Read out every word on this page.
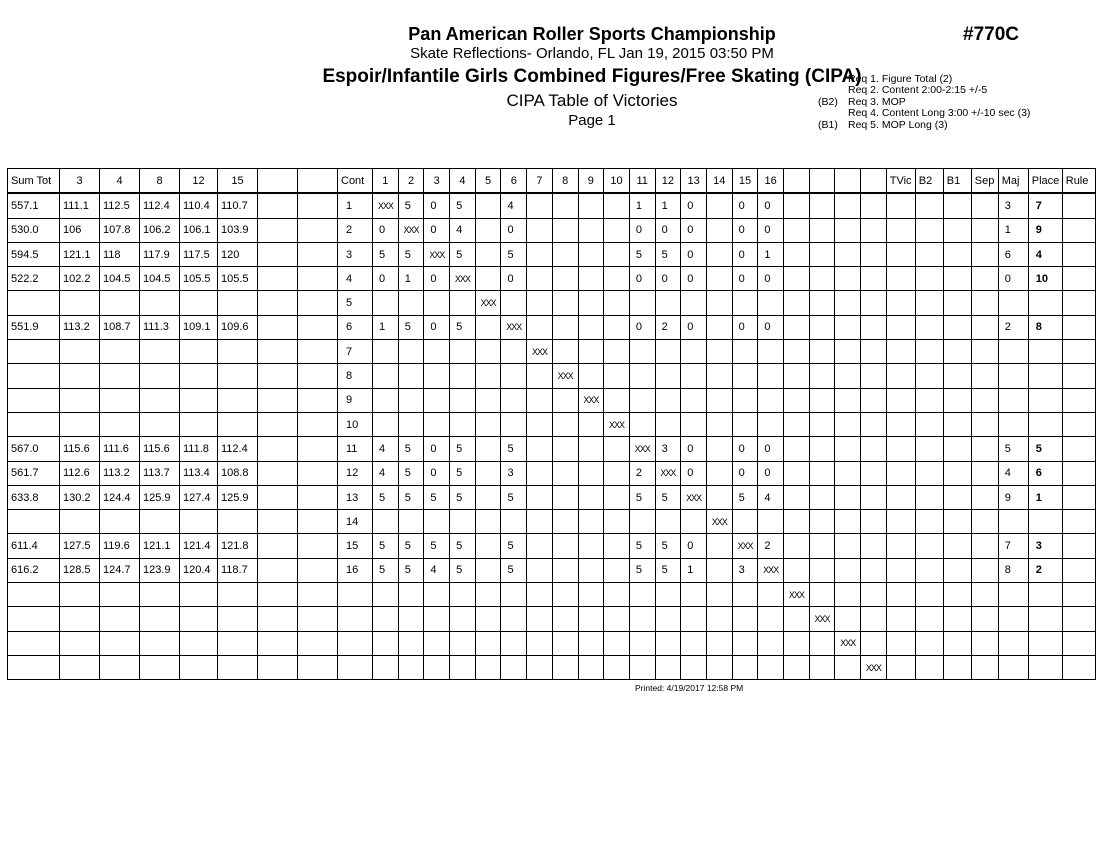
Pan American Roller Sports Championship
Skate Reflections- Orlando, FL Jan 19, 2015 03:50 PM
Espoir/Infantile Girls Combined Figures/Free Skating (CIPA)
CIPA Table of Victories
Page 1
#770C
Req 1. Figure Total (2)
Req 2. Content 2:00-2:15 +/-5
(B2) Req 3. MOP
Req 4. Content Long 3:00 +/-10 sec (3)
(B1) Req 5. MOP Long (3)
Sum Tot	3	4	8	12	15			Cont	1	2	3	4	5	6	7	8	9	10	11	12	13	14	15	16					TVic	B2	B1	Sep	Maj	Place	Rule
557.1	111.1	112.5	112.4	110.4	110.7			1	XXX	5	0	5		4					1	1	0		0	0									3	7	
530.0	106	107.8	106.2	106.1	103.9			2	0	XXX	0	4		0					0	0	0		0	0									1	9	
594.5	121.1	118	117.9	117.5	120			3	5	5	XXX	5		5					5	5	0		0	1									6	4	
522.2	102.2	104.5	104.5	105.5	105.5			4	0	1	0	XXX		0					0	0	0		0	0									0	10	
								5					XXX																						
551.9	113.2	108.7	111.3	109.1	109.6			6	1	5	0	5		XXX					0	2	0		0	0									2	8	
								7							XXX																				
								8								XXX																			
								9									XXX																		
								10										XXX																	
567.0	115.6	111.6	115.6	111.8	112.4			11	4	5	0	5		5					XXX	3	0		0	0									5	5	
561.7	112.6	113.2	113.7	113.4	108.8			12	4	5	0	5		3					2	XXX	0		0	0									4	6	
633.8	130.2	124.4	125.9	127.4	125.9			13	5	5	5	5		5					5	5	XXX		5	4									9	1	
								14														XXX													
611.4	127.5	119.6	121.1	121.4	121.8			15	5	5	5	5		5					5	5	0		XXX	2									7	3	
616.2	128.5	124.7	123.9	120.4	118.7			16	5	5	4	5		5					5	5	1		3	XXX									8	2	
																									XXX										
																										XXX									
																											XXX								
																												XXX							
Printed: 4/19/2017 12:58 PM
